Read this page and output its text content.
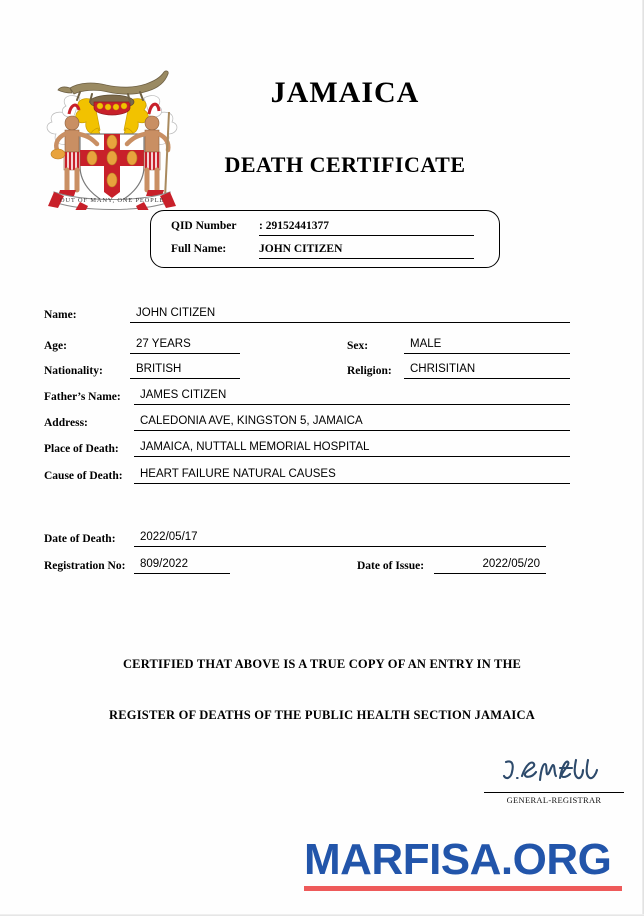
OUT OF MANY, ONE PEOPLE
JAMAICA
DEATH CERTIFICATE
QID Number : 29152441377
Full Name:	JOHN CITIZEN
Name:	JOHN CITIZEN
Age:	27 YEARS	Sex:	MALE
Nationality:	BRITISH	Religion:	CHRISITIAN
Father’s Name:	JAMES CITIZEN
Address:	CALEDONIA AVE, KINGSTON 5, JAMAICA
Place of Death:	JAMAICA, NUTTALL MEMORIAL HOSPITAL
Cause of Death:	HEART FAILURE NATURAL CAUSES
Date of Death:	2022/05/17
Registration No:	809/2022	Date of Issue:	2022/05/20
CERTIFIED THAT ABOVE IS A TRUE COPY OF AN ENTRY IN THE
REGISTER OF DEATHS OF THE PUBLIC HEALTH SECTION JAMAICA
GENERAL-REGISTRAR
MARFISA.ORG
